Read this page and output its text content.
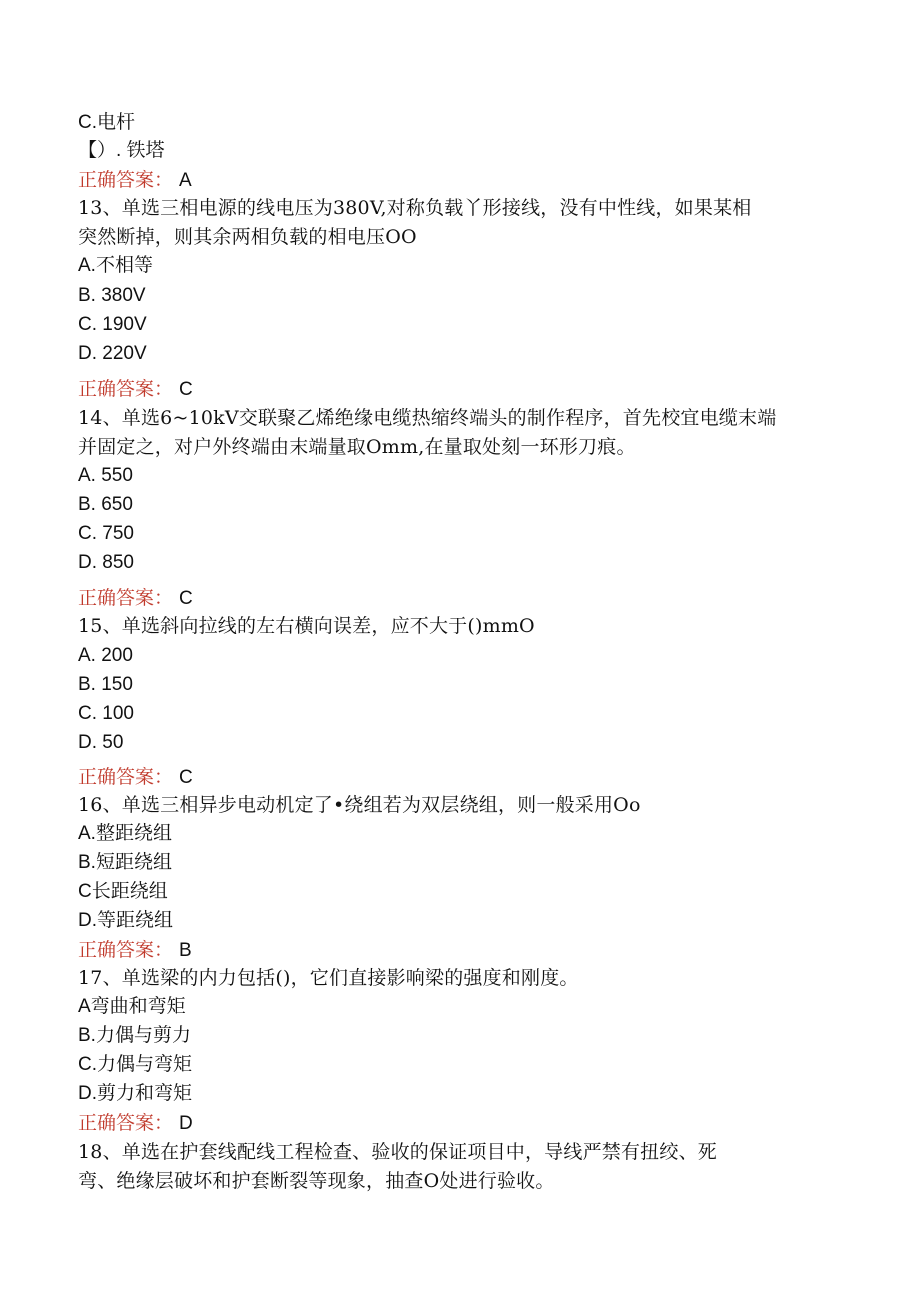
C.电杆
【）. 铁塔
正确答案： A
13、单选三相电源的线电压为380V,对称负载丫形接线，没有中性线，如果某相
突然断掉，则其余两相负载的相电压OO
A.不相等
B. 380V
C. 190V
D. 220V
正确答案： C
14、单选6~10kV交联聚乙烯绝缘电缆热缩终端头的制作程序，首先校宜电缆末端
并固定之，对户外终端由末端量取Omm,在量取处刻一环形刀痕。
A. 550
B. 650
C. 750
D. 850
正确答案： C
15、单选斜向拉线的左右横向误差，应不大于()mmO
A. 200
B. 150
C. 100
D. 50
正确答案： C
16、单选三相异步电动机定了•绕组若为双层绕组，则一般采用Oo
A.整距绕组
B.短距绕组
C长距绕组
D.等距绕组
正确答案： B
17、单选梁的内力包括()，它们直接影响梁的强度和刚度。
A弯曲和弯矩
B.力偶与剪力
C.力偶与弯矩
D.剪力和弯矩
正确答案： D
18、单选在护套线配线工程检查、验收的保证项目中，导线严禁有扭绞、死
弯、绝缘层破坏和护套断裂等现象，抽查O处进行验收。
